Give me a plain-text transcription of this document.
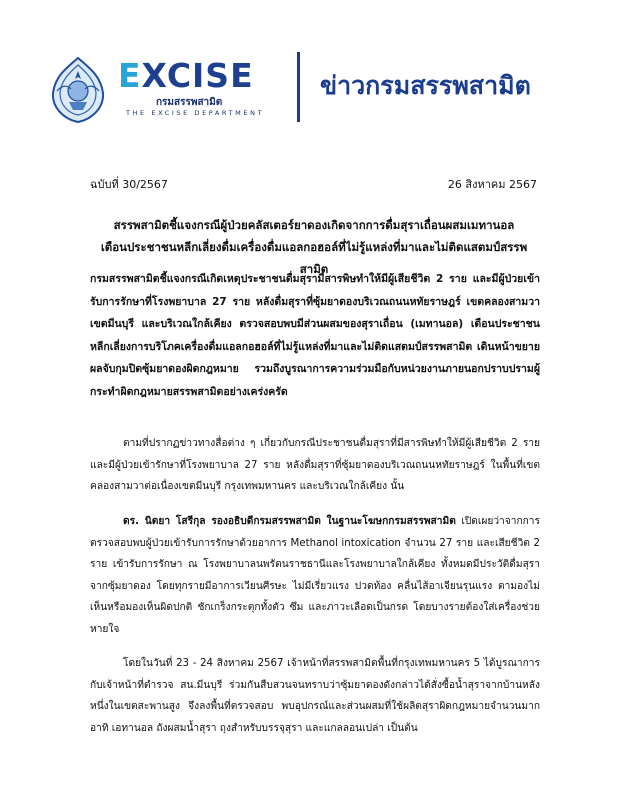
EXCISE
กรมสรรพสามิต
THE EXCISE DEPARTMENT
ข่าวกรมสรรพสามิต
ฉบับที่ 30/2567	26 สิงหาคม 2567
สรรพสามิตชี้แจงกรณีผู้ป่วยคลัสเตอร์ยาดองเกิดจากการดื่มสุราเถื่อนผสมเมทานอล
เตือนประชาชนหลีกเลี่ยงดื่มเครื่องดื่มแอลกอฮอล์ที่ไม่รู้แหล่งที่มาและไม่ติดแสตมป์สรรพสามิต
กรมสรรพสามิตชี้แจงกรณีเกิดเหตุประชาชนดื่มสุรามีสารพิษทำให้มีผู้เสียชีวิต 2 ราย และมีผู้ป่วยเข้ารับการรักษาที่โรงพยาบาล 27 ราย หลังดื่มสุราที่ซุ้มยาดองบริเวณถนนหทัยราษฎร์ เขตคลองสามวา เขตมีนบุรี และบริเวณใกล้เคียง ตรวจสอบพบมีส่วนผสมของสุราเถื่อน (เมทานอล) เตือนประชาชนหลีกเลี่ยงการบริโภคเครื่องดื่มแอลกอฮอล์ที่ไม่รู้แหล่งที่มาและไม่ติดแสตมป์สรรพสามิต เดินหน้าขยายผลจับกุมปิดซุ้มยาดองผิดกฎหมาย รวมถึงบูรณาการความร่วมมือกับหน่วยงานภายนอกปราบปรามผู้กระทำผิดกฎหมายสรรพสามิตอย่างเคร่งครัด
ตามที่ปรากฏข่าวทางสื่อต่าง ๆ เกี่ยวกับกรณีประชาชนดื่มสุราที่มีสารพิษทำให้มีผู้เสียชีวิต 2 รายและมีผู้ป่วยเข้ารักษาที่โรงพยาบาล 27 ราย หลังดื่มสุราที่ซุ้มยาดองบริเวณถนนหทัยราษฎร์ ในพื้นที่เขตคลองสามวาต่อเนื่องเขตมีนบุรี กรุงเทพมหานคร และบริเวณใกล้เคียง นั้น
ดร. นิตยา โสรีกุล รองอธิบดีกรมสรรพสามิต ในฐานะโฆษกกรมสรรพสามิต เปิดเผยว่าจากการตรวจสอบพบผู้ป่วยเข้ารับการรักษาด้วยอาการ Methanol intoxication จำนวน 27 ราย และเสียชีวิต 2 ราย เข้ารับการรักษา ณ โรงพยาบาลนพรัตนราชธานีและโรงพยาบาลใกล้เคียง ทั้งหมดมีประวัติดื่มสุราจากซุ้มยาดอง โดยทุกรายมีอาการเวียนศีรษะ ไม่มีเรี่ยวแรง ปวดท้อง คลื่นไส้อาเจียนรุนแรง ตามองไม่เห็นหรือมองเห็นผิดปกติ ชักเกร็งกระตุกทั้งตัว ซึม และภาวะเลือดเป็นกรด โดยบางรายต้องใส่เครื่องช่วยหายใจ
โดยในวันที่ 23 - 24 สิงหาคม 2567 เจ้าหน้าที่สรรพสามิตพื้นที่กรุงเทพมหานคร 5 ได้บูรณาการกับเจ้าหน้าที่ตำรวจ สน.มีนบุรี ร่วมกันสืบสวนจนทราบว่าซุ้มยาดองดังกล่าวได้สั่งซื้อน้ำสุราจากบ้านหลังหนึ่งในเขตสะพานสูง จึงลงพื้นที่ตรวจสอบ พบอุปกรณ์และส่วนผสมที่ใช้ผลิตสุราผิดกฎหมายจำนวนมาก อาทิ เอทานอล ถังผสมน้ำสุรา ถุงสำหรับบรรจุสุรา และแกลลอนเปล่า เป็นต้น
